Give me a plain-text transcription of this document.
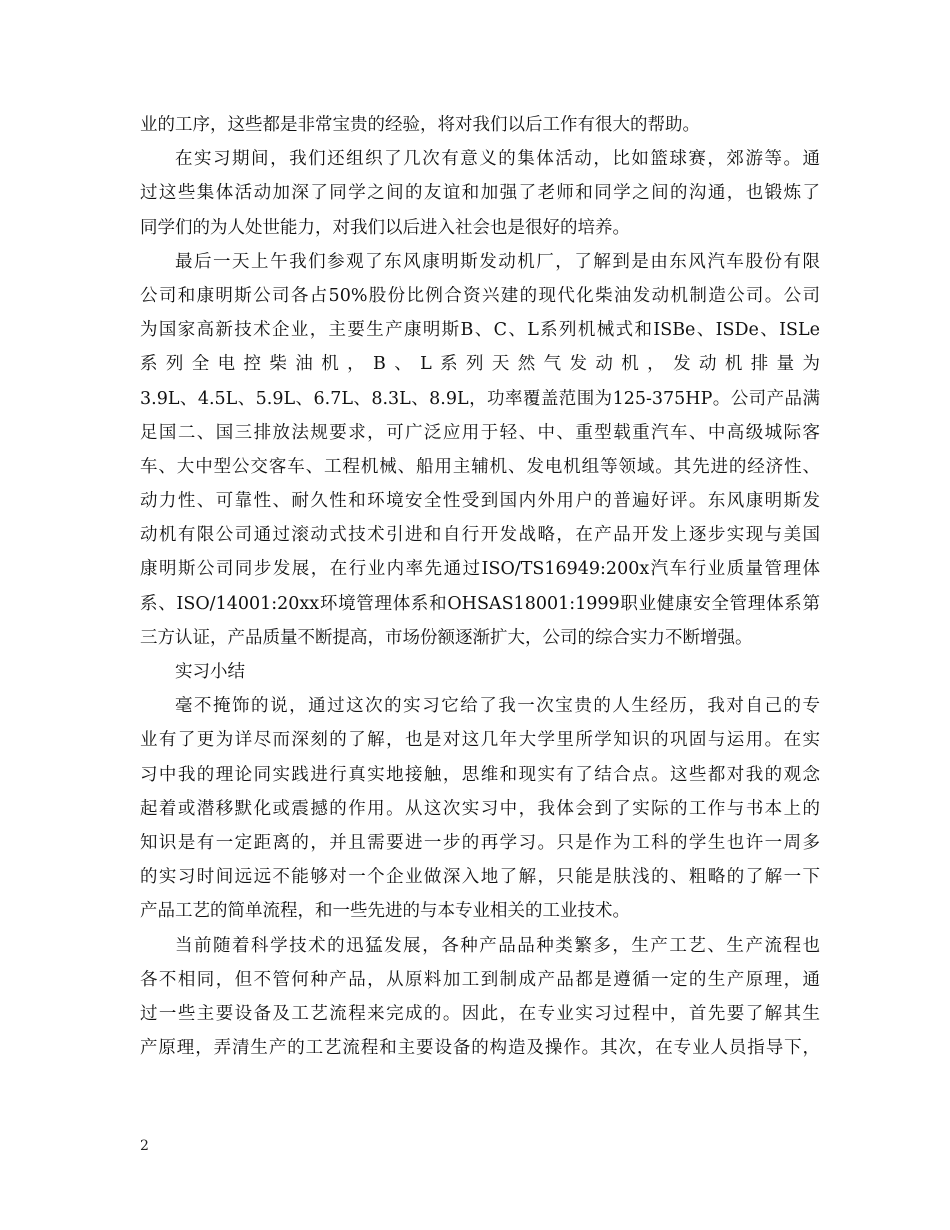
业的工序，这些都是非常宝贵的经验，将对我们以后工作有很大的帮助。
在实习期间，我们还组织了几次有意义的集体活动，比如篮球赛，郊游等。通
过这些集体活动加深了同学之间的友谊和加强了老师和同学之间的沟通，也锻炼了
同学们的为人处世能力，对我们以后进入社会也是很好的培养。
最后一天上午我们参观了东风康明斯发动机厂，了解到是由东风汽车股份有限
公司和康明斯公司各占50%股份比例合资兴建的现代化柴油发动机制造公司。公司
为国家高新技术企业，主要生产康明斯B、C、L系列机械式和ISBe、ISDe、ISLe
系列全电控柴油机，B、L系列天然气发动机，发动机排量为
3.9L、4.5L、5.9L、6.7L、8.3L、8.9L，功率覆盖范围为125-375HP。公司产品满
足国二、国三排放法规要求，可广泛应用于轻、中、重型载重汽车、中高级城际客
车、大中型公交客车、工程机械、船用主辅机、发电机组等领域。其先进的经济性、
动力性、可靠性、耐久性和环境安全性受到国内外用户的普遍好评。东风康明斯发
动机有限公司通过滚动式技术引进和自行开发战略，在产品开发上逐步实现与美国
康明斯公司同步发展，在行业内率先通过ISO/TS16949:200x汽车行业质量管理体
系、ISO/14001:20xx环境管理体系和OHSAS18001:1999职业健康安全管理体系第
三方认证，产品质量不断提高，市场份额逐渐扩大，公司的综合实力不断增强。
实习小结
毫不掩饰的说，通过这次的实习它给了我一次宝贵的人生经历，我对自己的专
业有了更为详尽而深刻的了解，也是对这几年大学里所学知识的巩固与运用。在实
习中我的理论同实践进行真实地接触，思维和现实有了结合点。这些都对我的观念
起着或潜移默化或震撼的作用。从这次实习中，我体会到了实际的工作与书本上的
知识是有一定距离的，并且需要进一步的再学习。只是作为工科的学生也许一周多
的实习时间远远不能够对一个企业做深入地了解，只能是肤浅的、粗略的了解一下
产品工艺的简单流程，和一些先进的与本专业相关的工业技术。
当前随着科学技术的迅猛发展，各种产品品种类繁多，生产工艺、生产流程也
各不相同，但不管何种产品，从原料加工到制成产品都是遵循一定的生产原理，通
过一些主要设备及工艺流程来完成的。因此，在专业实习过程中，首先要了解其生
产原理，弄清生产的工艺流程和主要设备的构造及操作。其次，在专业人员指导下，
2
